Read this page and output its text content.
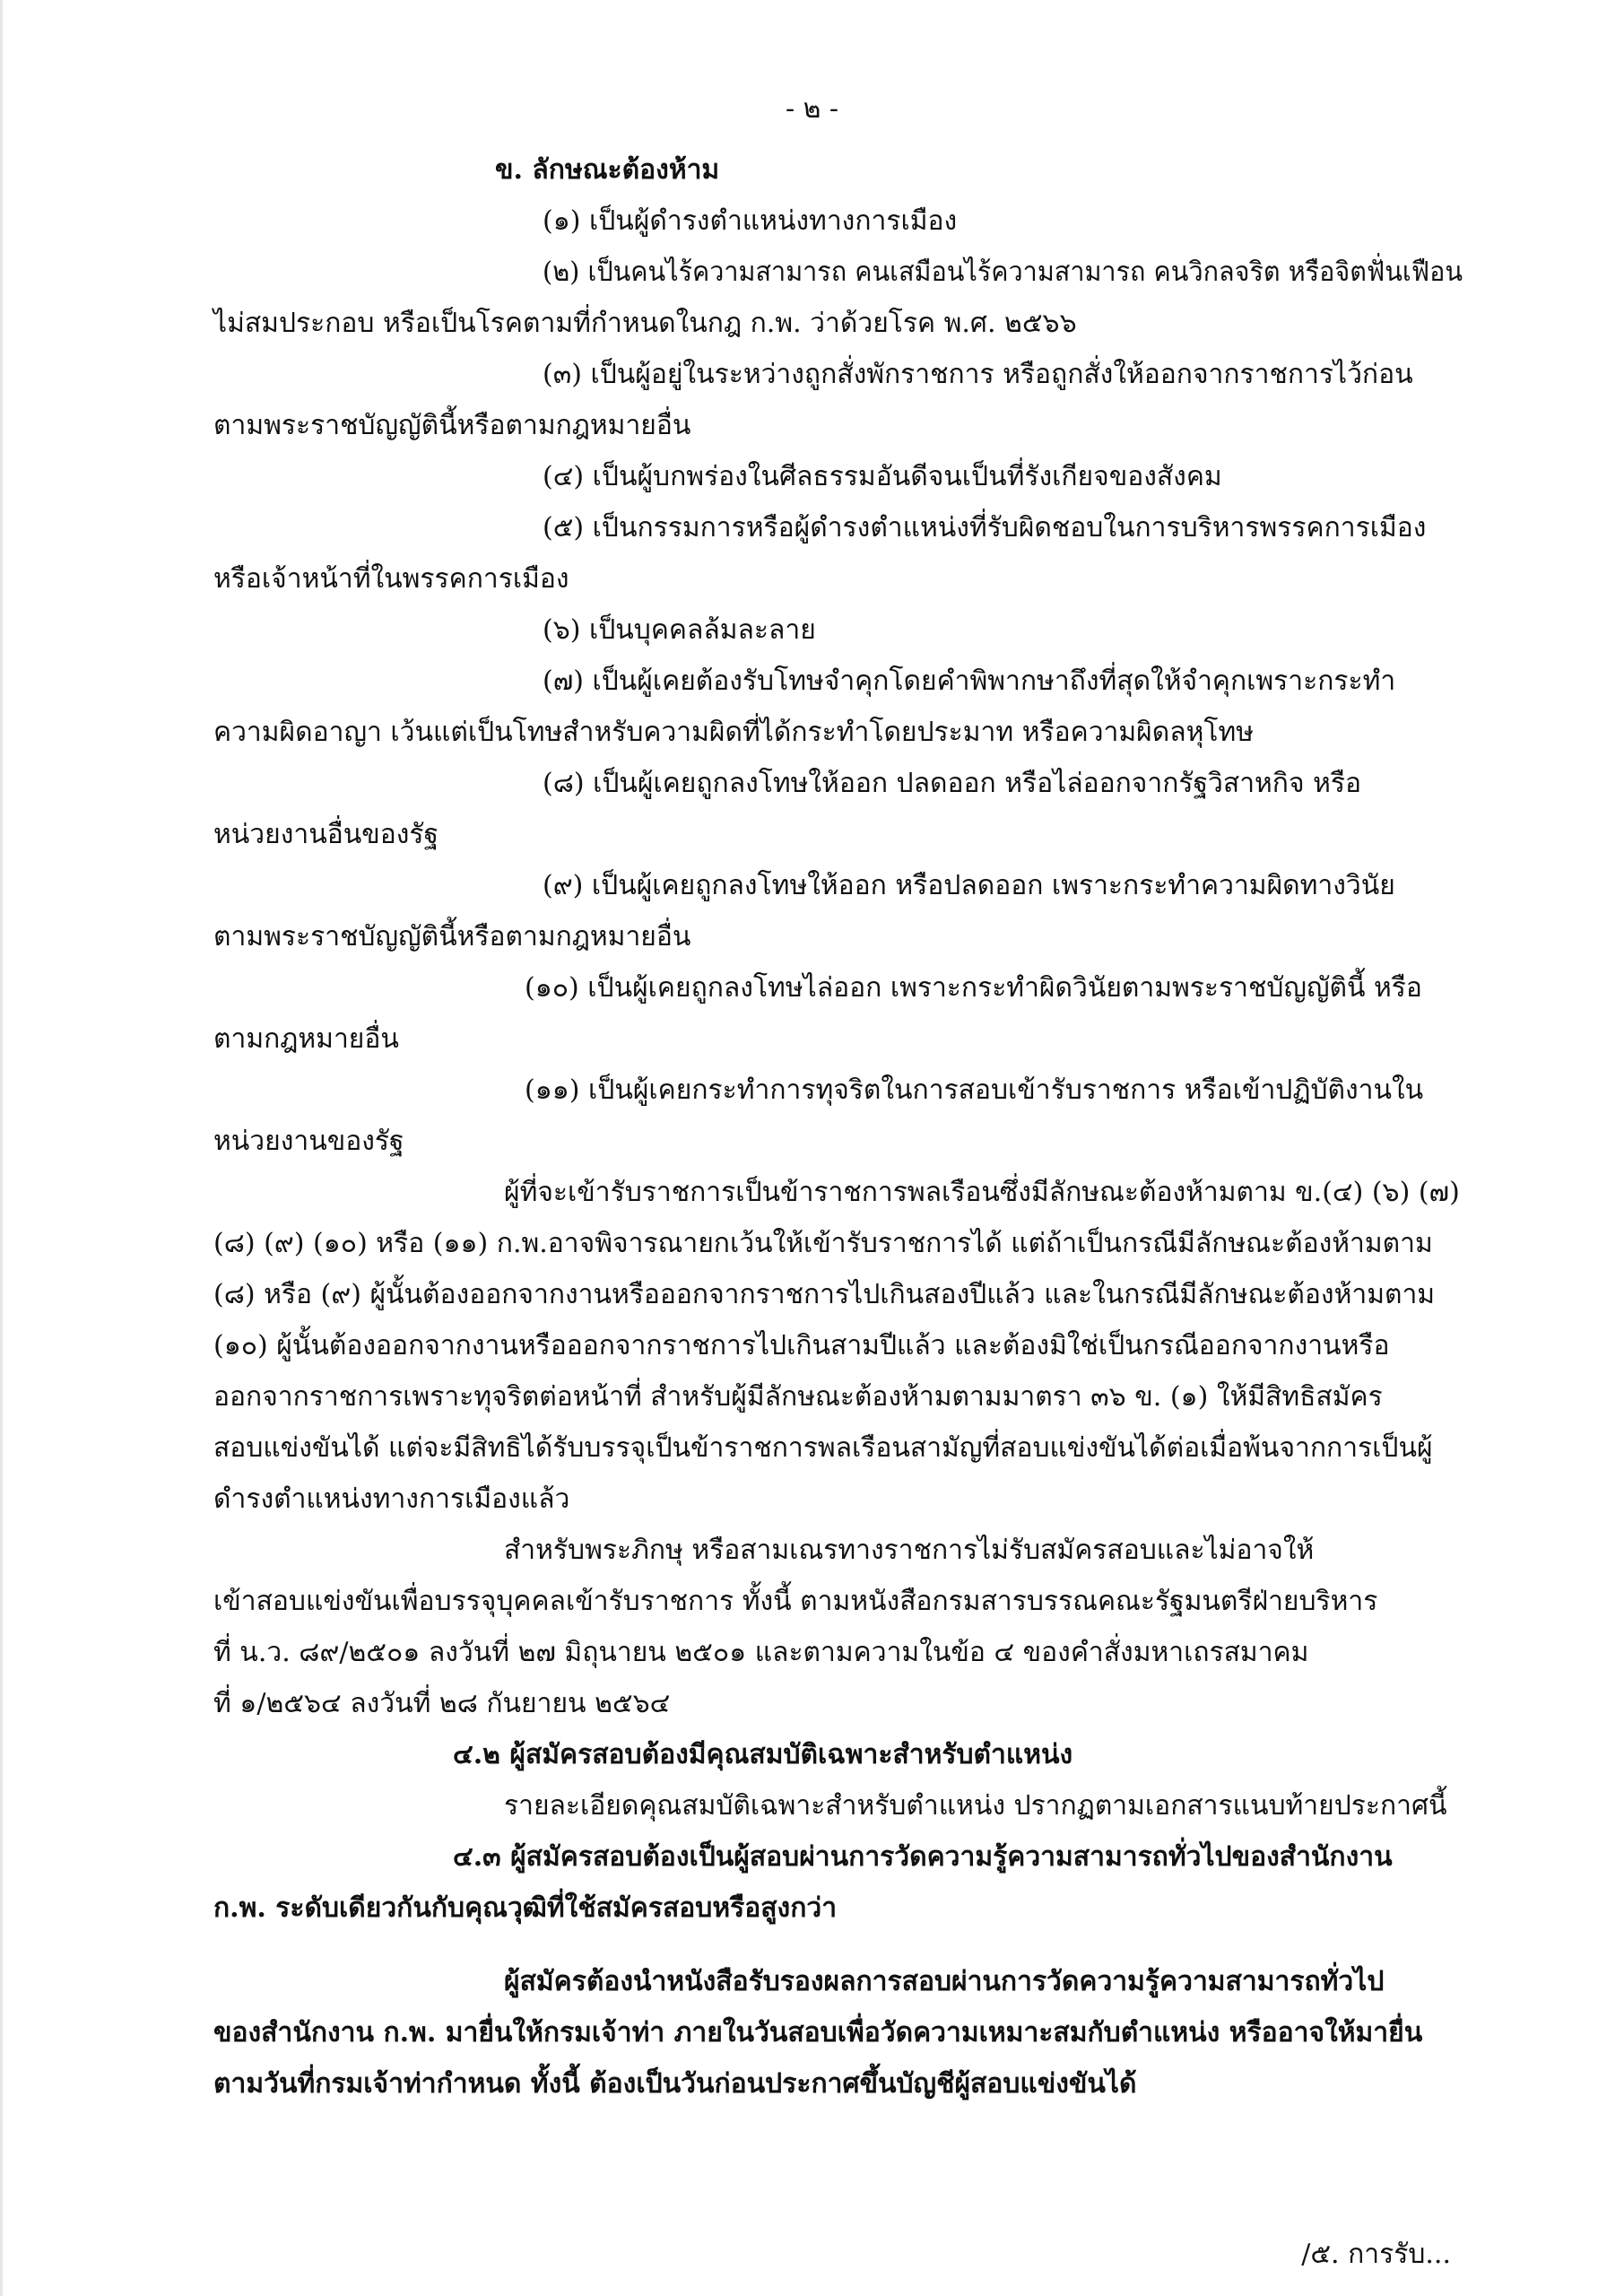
- ๒ -
ข. ลักษณะต้องห้าม
(๑) เป็นผู้ดำรงตำแหน่งทางการเมือง
(๒) เป็นคนไร้ความสามารถ คนเสมือนไร้ความสามารถ คนวิกลจริต หรือจิตฟั่นเฟือน
ไม่สมประกอบ หรือเป็นโรคตามที่กำหนดในกฎ ก.พ. ว่าด้วยโรค พ.ศ. ๒๕๖๖
(๓) เป็นผู้อยู่ในระหว่างถูกสั่งพักราชการ หรือถูกสั่งให้ออกจากราชการไว้ก่อน
ตามพระราชบัญญัตินี้หรือตามกฎหมายอื่น
(๔) เป็นผู้บกพร่องในศีลธรรมอันดีจนเป็นที่รังเกียจของสังคม
(๕) เป็นกรรมการหรือผู้ดำรงตำแหน่งที่รับผิดชอบในการบริหารพรรคการเมือง
หรือเจ้าหน้าที่ในพรรคการเมือง
(๖) เป็นบุคคลล้มละลาย
(๗) เป็นผู้เคยต้องรับโทษจำคุกโดยคำพิพากษาถึงที่สุดให้จำคุกเพราะกระทำ
ความผิดอาญา เว้นแต่เป็นโทษสำหรับความผิดที่ได้กระทำโดยประมาท หรือความผิดลหุโทษ
(๘) เป็นผู้เคยถูกลงโทษให้ออก ปลดออก หรือไล่ออกจากรัฐวิสาหกิจ หรือ
หน่วยงานอื่นของรัฐ
(๙) เป็นผู้เคยถูกลงโทษให้ออก หรือปลดออก เพราะกระทำความผิดทางวินัย
ตามพระราชบัญญัตินี้หรือตามกฎหมายอื่น
(๑๐) เป็นผู้เคยถูกลงโทษไล่ออก เพราะกระทำผิดวินัยตามพระราชบัญญัตินี้ หรือ
ตามกฎหมายอื่น
(๑๑) เป็นผู้เคยกระทำการทุจริตในการสอบเข้ารับราชการ หรือเข้าปฏิบัติงานใน
หน่วยงานของรัฐ
ผู้ที่จะเข้ารับราชการเป็นข้าราชการพลเรือนซึ่งมีลักษณะต้องห้ามตาม ข.(๔) (๖) (๗)
(๘) (๙) (๑๐) หรือ (๑๑) ก.พ.อาจพิจารณายกเว้นให้เข้ารับราชการได้ แต่ถ้าเป็นกรณีมีลักษณะต้องห้ามตาม
(๘) หรือ (๙) ผู้นั้นต้องออกจากงานหรือออกจากราชการไปเกินสองปีแล้ว และในกรณีมีลักษณะต้องห้ามตาม
(๑๐) ผู้นั้นต้องออกจากงานหรือออกจากราชการไปเกินสามปีแล้ว และต้องมิใช่เป็นกรณีออกจากงานหรือ
ออกจากราชการเพราะทุจริตต่อหน้าที่ สำหรับผู้มีลักษณะต้องห้ามตามมาตรา ๓๖ ข. (๑) ให้มีสิทธิสมัคร
สอบแข่งขันได้ แต่จะมีสิทธิได้รับบรรจุเป็นข้าราชการพลเรือนสามัญที่สอบแข่งขันได้ต่อเมื่อพ้นจากการเป็นผู้
ดำรงตำแหน่งทางการเมืองแล้ว
สำหรับพระภิกษุ หรือสามเณรทางราชการไม่รับสมัครสอบและไม่อาจให้
เข้าสอบแข่งขันเพื่อบรรจุบุคคลเข้ารับราชการ ทั้งนี้ ตามหนังสือกรมสารบรรณคณะรัฐมนตรีฝ่ายบริหาร
ที่ น.ว. ๘๙/๒๕๐๑ ลงวันที่ ๒๗ มิถุนายน ๒๕๐๑ และตามความในข้อ ๔ ของคำสั่งมหาเถรสมาคม
ที่ ๑/๒๕๖๔ ลงวันที่ ๒๘ กันยายน ๒๕๖๔
๔.๒ ผู้สมัครสอบต้องมีคุณสมบัติเฉพาะสำหรับตำแหน่ง
รายละเอียดคุณสมบัติเฉพาะสำหรับตำแหน่ง ปรากฏตามเอกสารแนบท้ายประกาศนี้
๔.๓ ผู้สมัครสอบต้องเป็นผู้สอบผ่านการวัดความรู้ความสามารถทั่วไปของสำนักงาน
ก.พ. ระดับเดียวกันกับคุณวุฒิที่ใช้สมัครสอบหรือสูงกว่า
ผู้สมัครต้องนำหนังสือรับรองผลการสอบผ่านการวัดความรู้ความสามารถทั่วไป
ของสำนักงาน ก.พ. มายื่นให้กรมเจ้าท่า ภายในวันสอบเพื่อวัดความเหมาะสมกับตำแหน่ง หรืออาจให้มายื่น
ตามวันที่กรมเจ้าท่ากำหนด ทั้งนี้ ต้องเป็นวันก่อนประกาศขึ้นบัญชีผู้สอบแข่งขันได้
/๕. การรับ...
